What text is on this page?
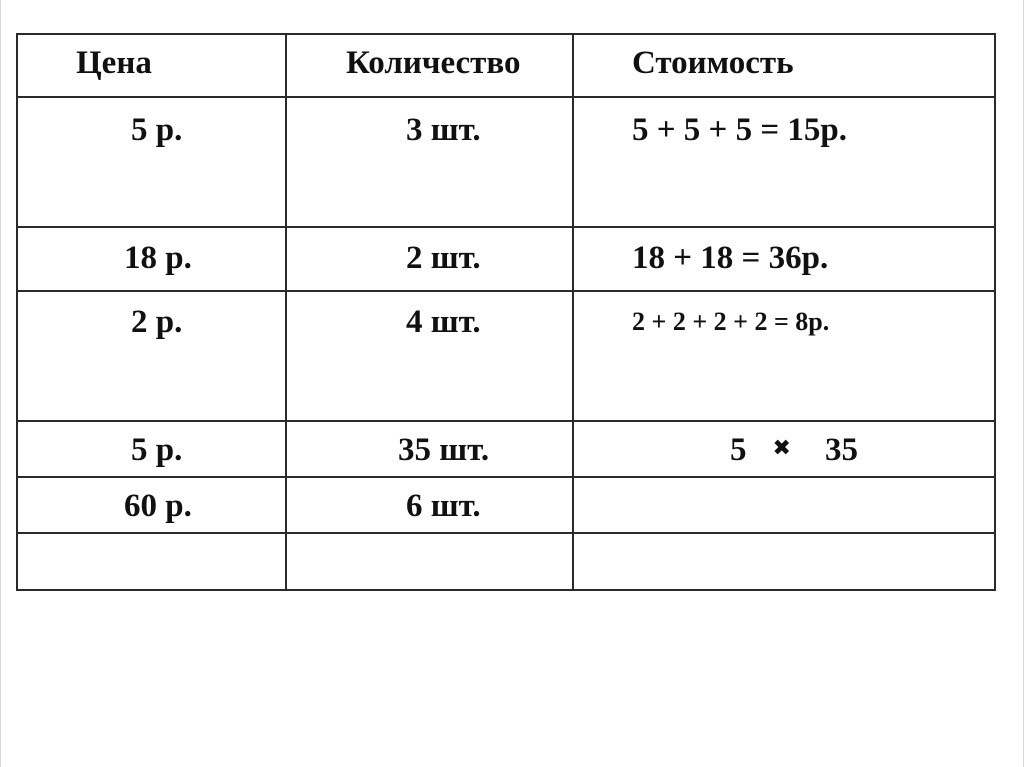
Цена	Количество	Стоимость

5 р.	3 шт.	5 + 5 + 5 = 15р.

18 р.	2 шт.	18 + 18 = 36р.

2 р.	4 шт.	2 + 2 + 2 + 2 = 8р.

5 р.	35 шт.	5 ✖ 35

60 р.	6 шт.	
